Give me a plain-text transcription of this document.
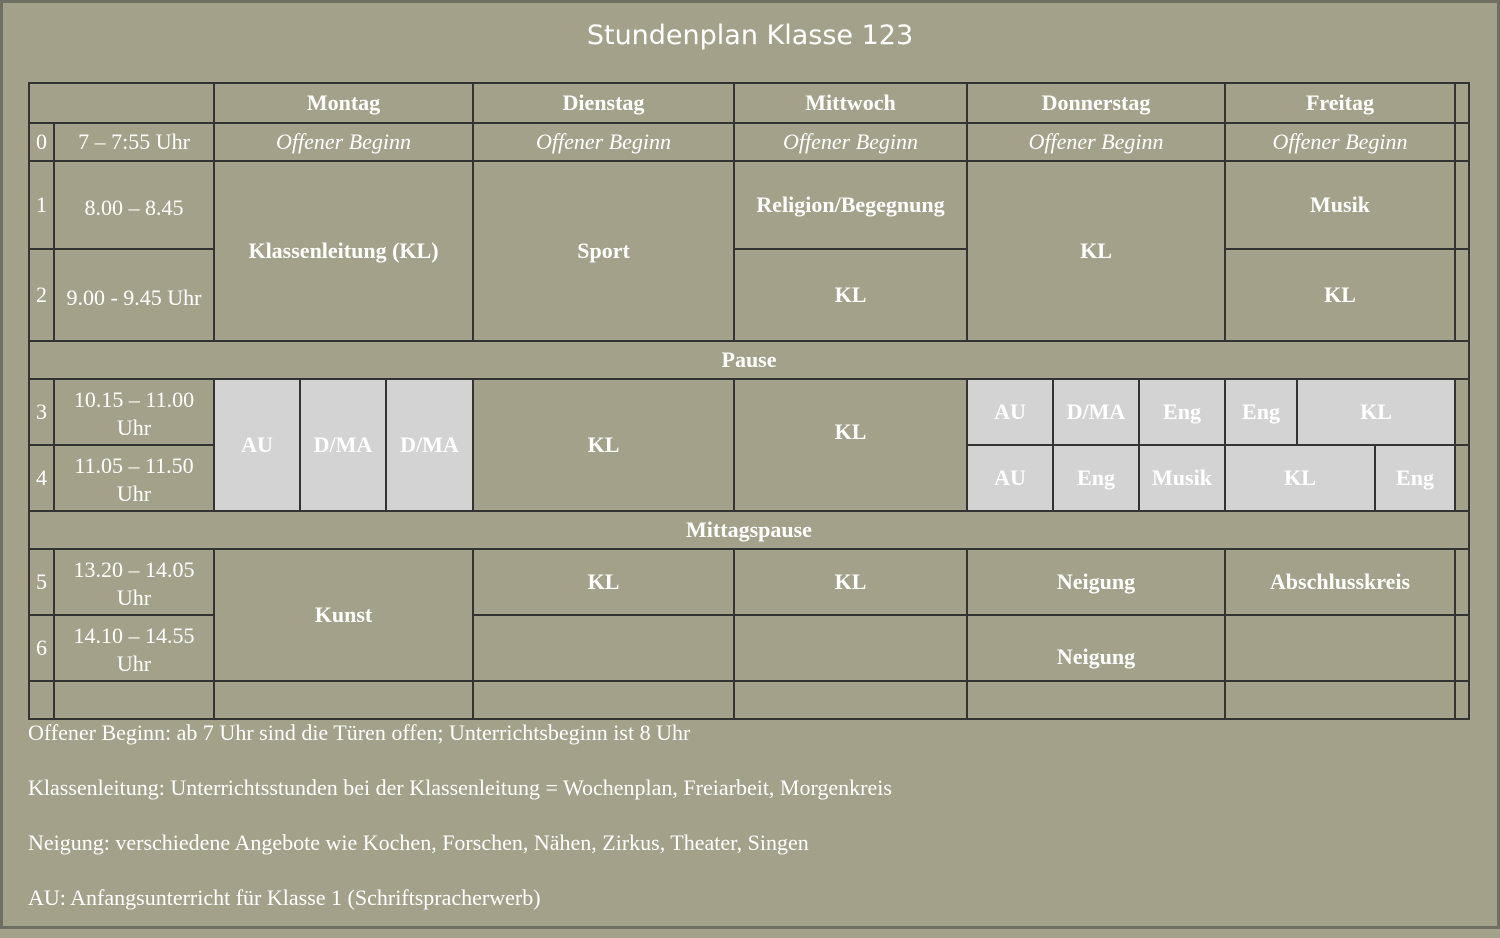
Stundenplan Klasse 123
		Montag			Dienstag	Mittwoch	Donnerstag			Freitag			
0	7 – 7:55 Uhr	Offener Beginn			Offener Beginn	Offener Beginn	Offener Beginn			Offener Beginn			
1	8.00 – 8.45	Klassenleitung (KL)			Sport	Religion/Begegnung	KL			Musik			
2	9.00 - 9.45 Uhr					KL				KL			
Pause													
3	10.15 – 11.00 Uhr	AU	D/MA	D/MA	KL	KL	AU	D/MA	Eng	Eng	KL		
4	11.05 – 11.50 Uhr						AU	Eng	Musik	KL		Eng	
Mittagspause													
5	13.20 – 14.05 Uhr	Kunst			KL	KL	Neigung			Abschlusskreis			
6	14.10 – 14.55 Uhr						Neigung						

Offener Beginn: ab 7 Uhr sind die Türen offen; Unterrichtsbeginn ist 8 Uhr

Klassenleitung: Unterrichtsstunden bei der Klassenleitung = Wochenplan, Freiarbeit, Morgenkreis

Neigung: verschiedene Angebote wie Kochen, Forschen, Nähen, Zirkus, Theater, Singen

AU: Anfangsunterricht für Klasse 1 (Schriftspracherwerb)
